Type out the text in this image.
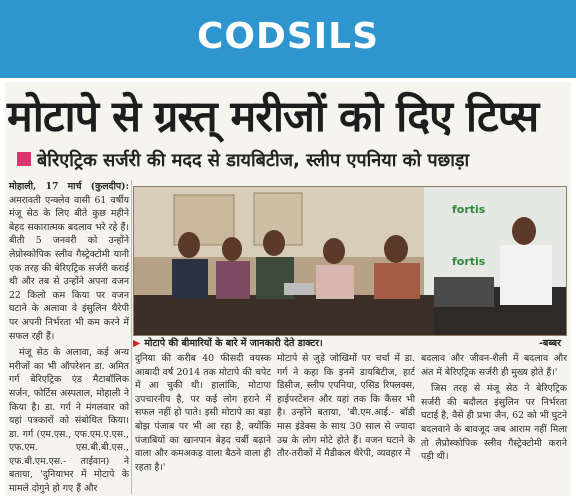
CODSILS
मोटापे से ग्रस्त् मरीजों को दिए टिप्स
बेरिएट्रिक सर्जरी की मदद से डायबिटीज, स्लीप एपनिया को पछाड़ा

मोहाली, 17 मार्च (कुलदीप): अमरावती एन्क्लेव वासी 61 वर्षीय मंजू सेठ के लिए बीते कुछ महीने बेहद सकारात्मक बदलाव भरे रहे हैं। बीती 5 जनवरी को उन्होंने लेप्रोस्कोपिक स्लीव गैस्ट्रेक्टोमी यानी एक तरह की बेरिएट्रिक सर्जरी कराई थी और तब से उन्होंने अपना वजन 22 किलो कम किया पर वजन घटाने के अलावा वे इंसुलिन थैरेपी पर अपनी निर्भरता भी कम करने में सफल रही हैं।

मंजू सेठ के अलावा, कई अन्य मरीजों का भी ऑपरेशन डा. अमित गर्ग बेरिएट्रिक एंड मैटाबॉलिक सर्जन, फोर्टिस अस्पताल, मोहाली ने किया है। डा. गर्ग ने मंगलवार को यहां पत्रकारों को संबोधित किया। डा. गर्ग (एम.एस., एफ.एम.ए.एस., एफ.एम. एस.बी.बी.एस., एफ.बी.एम.एस.- ताईवान) ने बताया, 'दुनियाभर में मोटापे के मामले दोगुने हो गए हैं और

fortis
fortis
▶ मोटापे की बीमारियों के बारे में जानकारी देते डाक्टर।	-बब्बर

दुनिया की करीब 40 फीसदी वयस्क आबादी वर्ष 2014 तक मोटापे की चपेट में आ चुकी थी। हालांकि, मोटापा उपचारनीय है, पर कई लोग हराने में सफल नहीं हो पाते। इसी मोटापे का बड़ा बोझ पंजाब पर भी आ रहा है, क्योंकि पंजाबियों का खानपान बेहद चर्बी बढ़ाने वाला और कमअकड़ वाला बैठने वाला ही रहता है।'

मोटापे से जुड़े जोखिमों पर चर्चा में डा. गर्ग ने कहा कि इनमें डायबिटीज, हार्ट डिसीज, स्लीप एपनिया, एसिड रिफ्लक्स, हाईपरटेंशन और यहां तक कि कैंसर भी है। उन्होंने बताया, 'बी.एम.आई.- बॉडी मास इंडेक्स के साथ 30 साल से ज्यादा उम्र के लोग मोटे होते हैं। वजन घटाने के तौर-तरीकों में मैडीकल थैरेपी, व्यवहार में

बदलाव और जीवन-शैली में बदलाव और अंत में बेरिएट्रिक सर्जरी ही मुख्य होते हैं।'

जिस तरह से मंजू सेठ ने बेरिएट्रिक सर्जरी की बदौलत इंसुलिन पर निर्भरता घटाई है, वैसे ही प्रभा जैन, 62 को भी घुटने बदलवाने के बावजूद जब आराम नहीं मिला तो लैप्रोस्कोपिक स्लीव गैस्ट्रेक्टोमी कराने पड़ी थी।
